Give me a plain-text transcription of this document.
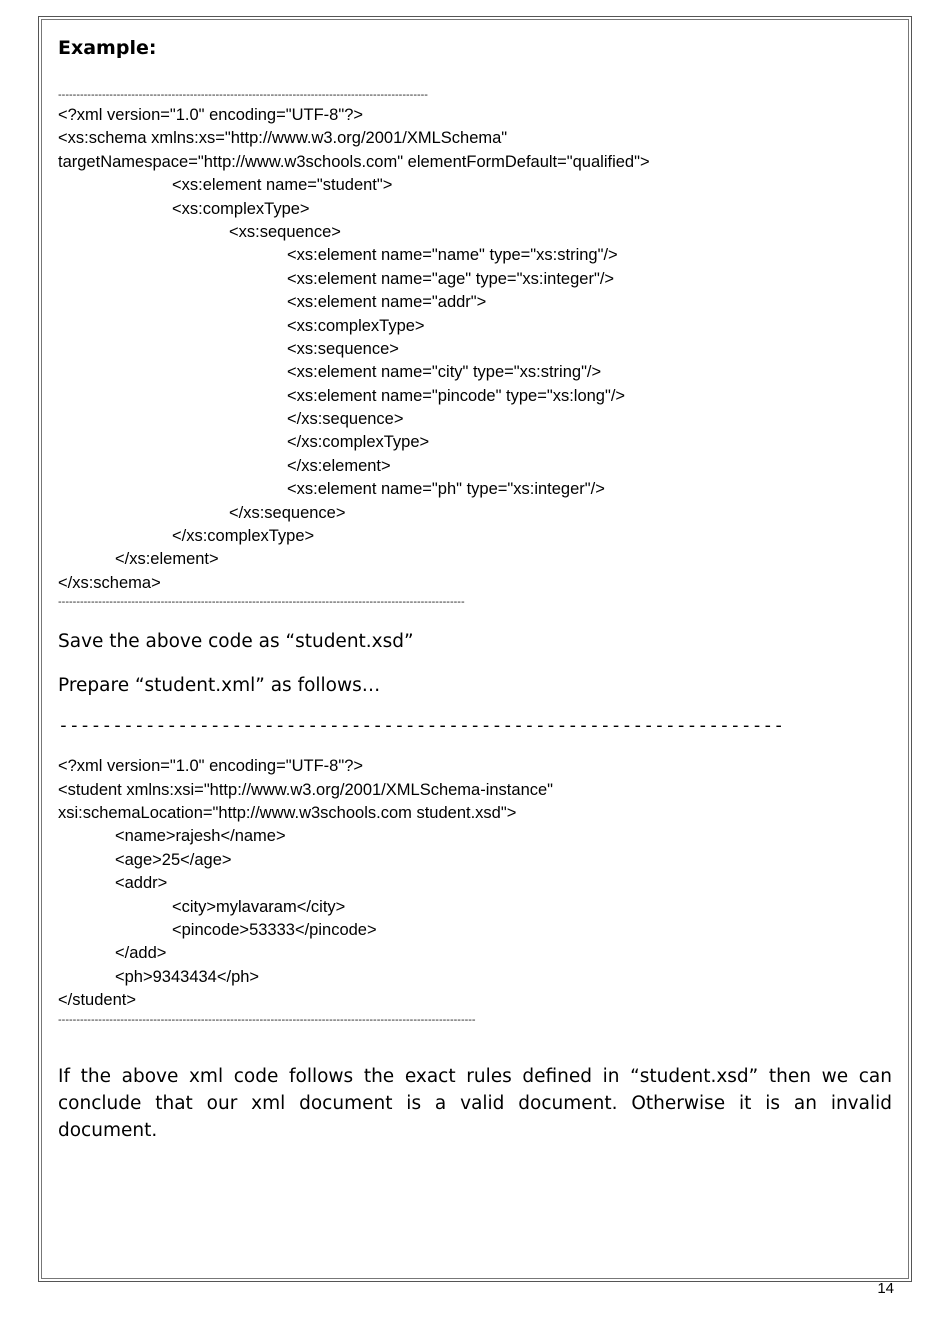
Example:
-----------------------------------------------------------------------------------------------------
<?xml version="1.0" encoding="UTF-8"?>
<xs:schema xmlns:xs="http://www.w3.org/2001/XMLSchema"
targetNamespace="http://www.w3schools.com" elementFormDefault="qualified">
<xs:element name="student">
<xs:complexType>
<xs:sequence>
<xs:element name="name" type="xs:string"/>
<xs:element name="age" type="xs:integer"/>
<xs:element name="addr">
<xs:complexType>
<xs:sequence>
<xs:element name="city" type="xs:string"/>
<xs:element name="pincode" type="xs:long"/>
</xs:sequence>
</xs:complexType>
</xs:element>
<xs:element name="ph" type="xs:integer"/>
</xs:sequence>
</xs:complexType>
</xs:element>
</xs:schema>
---------------------------------------------------------------------------------------------------------------

Save the above code as “student.xsd”

Prepare “student.xml” as follows…

-------------------------------------------------------------------
<?xml version="1.0" encoding="UTF-8"?>
<student xmlns:xsi="http://www.w3.org/2001/XMLSchema-instance"
xsi:schemaLocation="http://www.w3schools.com student.xsd">
<name>rajesh</name>
<age>25</age>
<addr>
<city>mylavaram</city>
<pincode>53333</pincode>
</add>
<ph>9343434</ph>
</student>
------------------------------------------------------------------------------------------------------------------

If the above xml code follows the exact rules defined in “student.xsd” then we can conclude that our xml document is a valid document. Otherwise it is an invalid document.

14
